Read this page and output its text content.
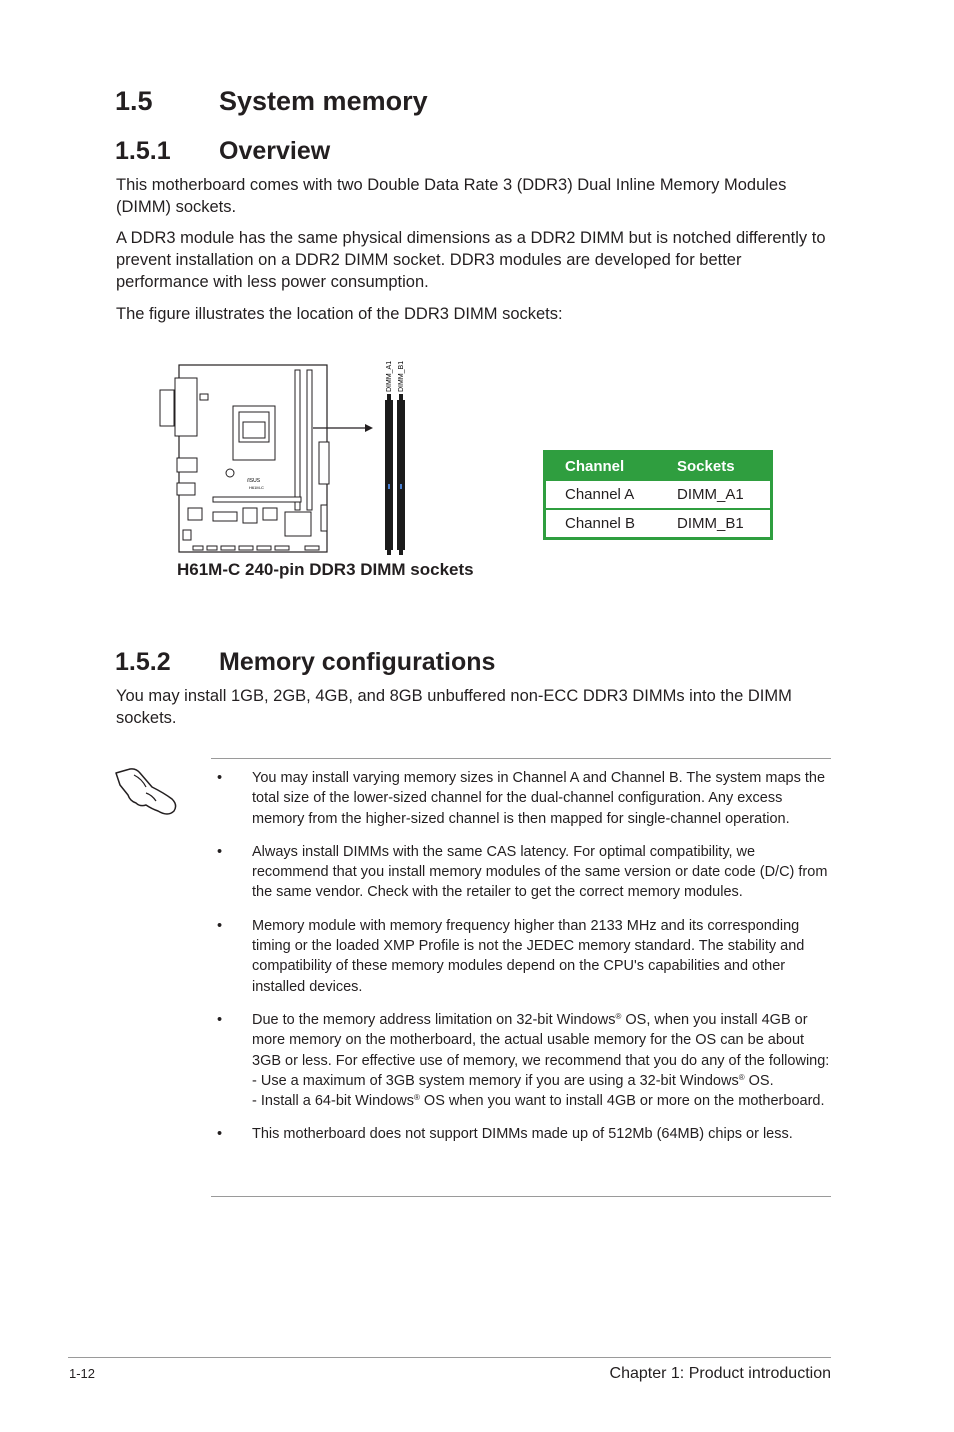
1.5 System memory
1.5.1 Overview

This motherboard comes with two Double Data Rate 3 (DDR3) Dual Inline Memory Modules (DIMM) sockets.

A DDR3 module has the same physical dimensions as a DDR2 DIMM but is notched differently to prevent installation on a DDR2 DIMM socket. DDR3 modules are developed for better performance with less power consumption.

The figure illustrates the location of the DDR3 DIMM sockets:

/ISUS
H61M-C
DIMM_A1 DIMM_B1
Channel	Sockets
Channel A	DIMM_A1
Channel B	DIMM_B1
H61M-C 240-pin DDR3 DIMM sockets
1.5.2 Memory configurations

You may install 1GB, 2GB, 4GB, and 8GB unbuffered non-ECC DDR3 DIMMs into the DIMM sockets.

• You may install varying memory sizes in Channel A and Channel B. The system maps the total size of the lower-sized channel for the dual-channel configuration. Any excess memory from the higher-sized channel is then mapped for single-channel operation.
• Always install DIMMs with the same CAS latency. For optimal compatibility, we recommend that you install memory modules of the same version or date code (D/C) from the same vendor. Check with the retailer to get the correct memory modules.
• Memory module with memory frequency higher than 2133 MHz and its corresponding timing or the loaded XMP Profile is not the JEDEC memory standard. The stability and compatibility of these memory modules depend on the CPU's capabilities and other installed devices.
• Due to the memory address limitation on 32-bit Windows® OS, when you install 4GB or more memory on the motherboard, the actual usable memory for the OS can be about 3GB or less. For effective use of memory, we recommend that you do any of the following:
- Use a maximum of 3GB system memory if you are using a 32-bit Windows® OS.
- Install a 64-bit Windows® OS when you want to install 4GB or more on the motherboard.
• This motherboard does not support DIMMs made up of 512Mb (64MB) chips or less.
1-12	Chapter 1: Product introduction
